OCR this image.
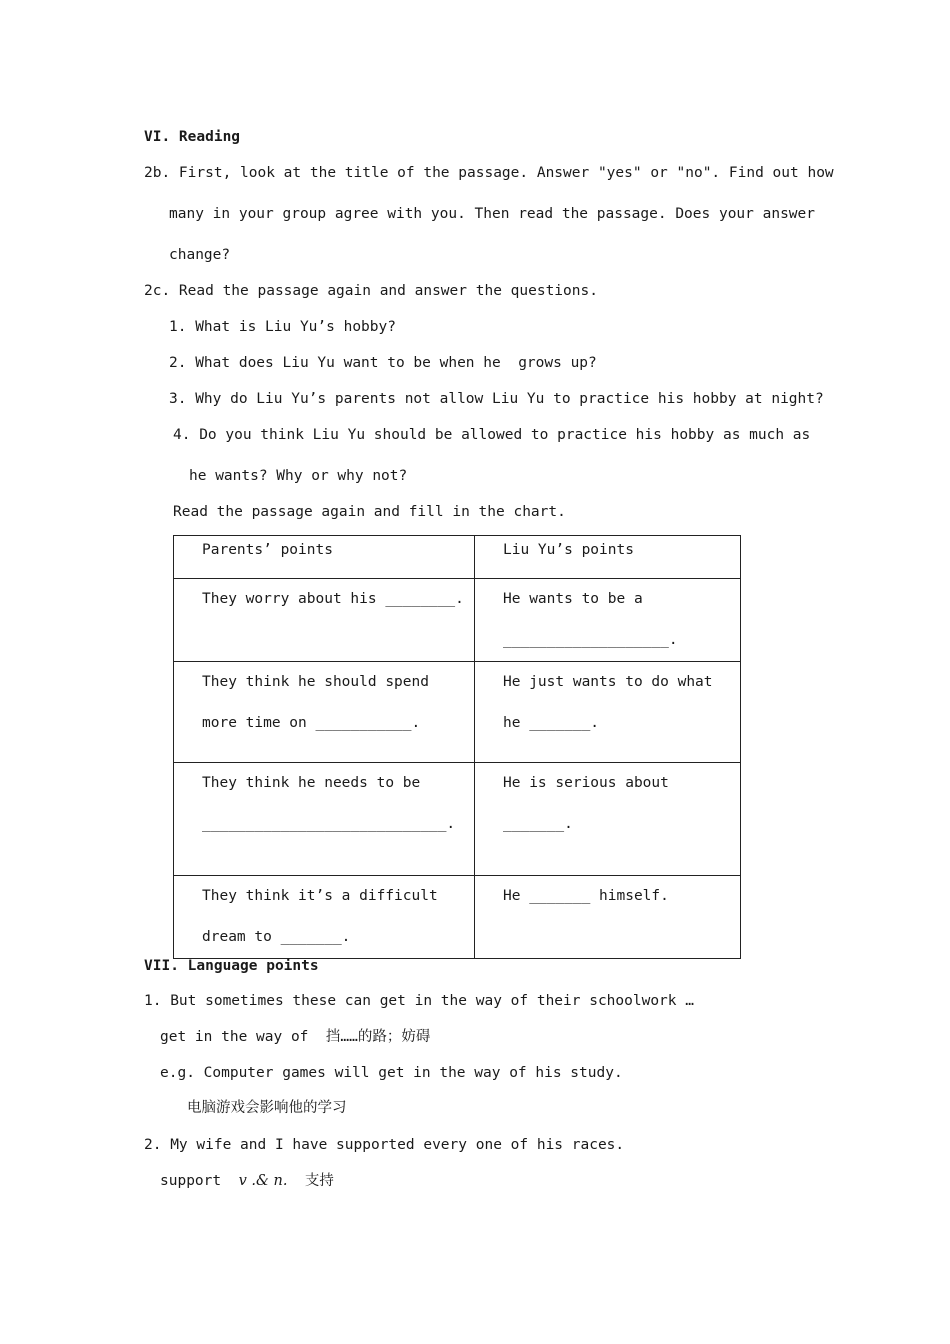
VI. Reading
2b. First, look at the title of the passage. Answer "yes" or "no". Find out how
many in your group agree with you. Then read the passage. Does your answer
change?
2c. Read the passage again and answer the questions.
1. What is Liu Yu’s hobby?
2. What does Liu Yu want to be when he  grows up?
3. Why do Liu Yu’s parents not allow Liu Yu to practice his hobby at night?
4. Do you think Liu Yu should be allowed to practice his hobby as much as
he wants? Why or why not?
Read the passage again and fill in the chart.
Parents’ points	Liu Yu’s points
They worry about his ________.	He wants to be a ___________________.
They think he should spend more time on ___________.	He just wants to do what he _______.
They think he needs to be ____________________________.	He is serious about _______.
They think it’s a difficult dream to _______.	He _______ himself.
VII. Language points
1. But sometimes these can get in the way of their schoolwork …
get in the way of  挡……的路；妨碍
e.g. Computer games will get in the way of his study.
电脑游戏会影响他的学习
2. My wife and I have supported every one of his races.
support v .& n. 支持
